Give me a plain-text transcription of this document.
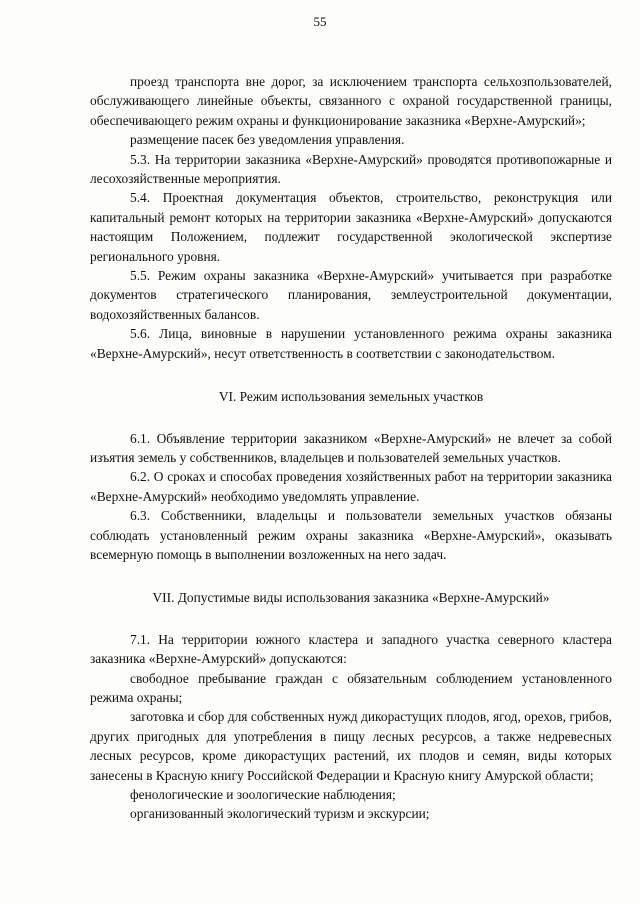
55

проезд транспорта вне дорог, за исключением транспорта сельхозпользователей, обслуживающего линейные объекты, связанного с охраной государственной границы, обеспечивающего режим охраны и функционирование заказника «Верхне-Амурский»;

размещение пасек без уведомления управления.

5.3. На территории заказника «Верхне-Амурский» проводятся противопожарные и лесохозяйственные мероприятия.

5.4. Проектная документация объектов, строительство, реконструкция или капитальный ремонт которых на территории заказника «Верхне-Амурский» допускаются настоящим Положением, подлежит государственной экологической экспертизе регионального уровня.

5.5. Режим охраны заказника «Верхне-Амурский» учитывается при разработке документов стратегического планирования, землеустроительной документации, водохозяйственных балансов.

5.6. Лица, виновные в нарушении установленного режима охраны заказника «Верхне-Амурский», несут ответственность в соответствии с законодательством.

VI. Режим использования земельных участков

6.1. Объявление территории заказником «Верхне-Амурский» не влечет за собой изъятия земель у собственников, владельцев и пользователей земельных участков.

6.2. О сроках и способах проведения хозяйственных работ на территории заказника «Верхне-Амурский» необходимо уведомлять управление.

6.3. Собственники, владельцы и пользователи земельных участков обязаны соблюдать установленный режим охраны заказника «Верхне-Амурский», оказывать всемерную помощь в выполнении возложенных на него задач.

VII. Допустимые виды использования заказника «Верхне-Амурский»

7.1. На территории южного кластера и западного участка северного кластера заказника «Верхне-Амурский» допускаются:

свободное пребывание граждан с обязательным соблюдением установленного режима охраны;

заготовка и сбор для собственных нужд дикорастущих плодов, ягод, орехов, грибов, других пригодных для употребления в пищу лесных ресурсов, а также недревесных лесных ресурсов, кроме дикорастущих растений, их плодов и семян, виды которых занесены в Красную книгу Российской Федерации и Красную книгу Амурской области;

фенологические и зоологические наблюдения;

организованный экологический туризм и экскурсии;
